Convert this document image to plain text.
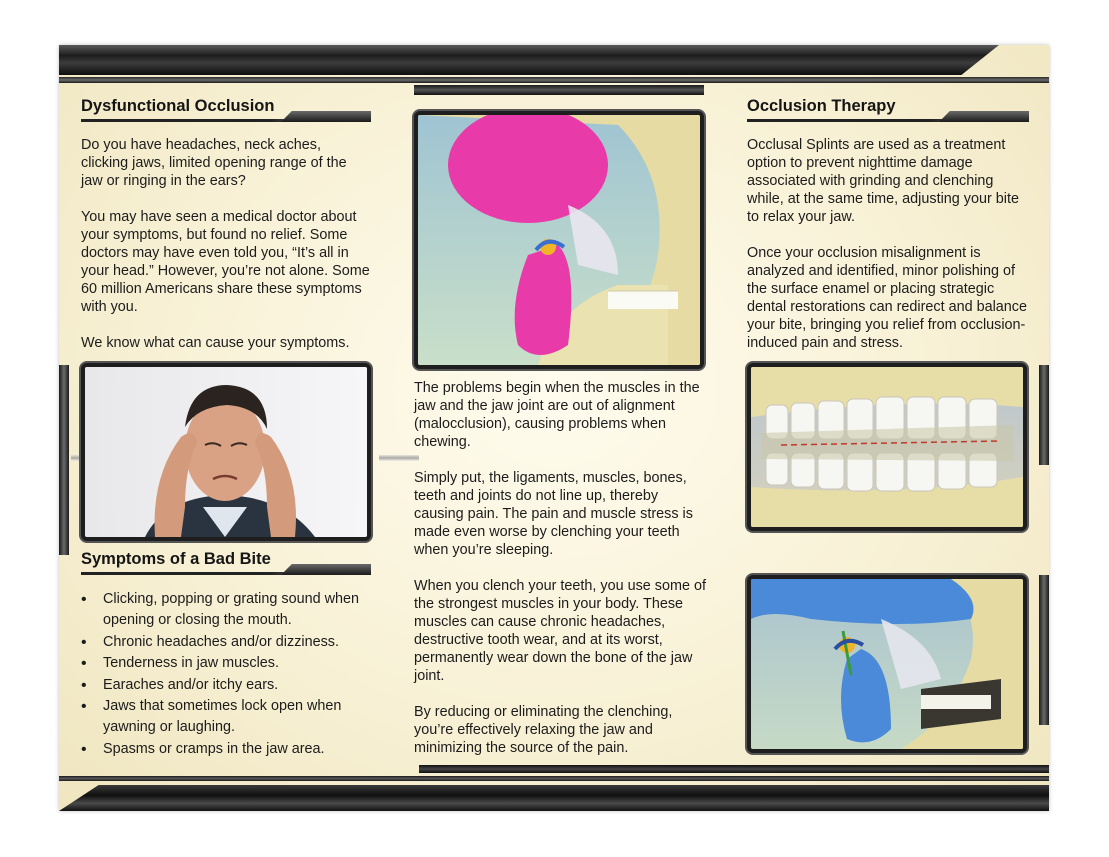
Dysfunctional Occlusion

Do you have headaches, neck aches, clicking jaws, limited opening range of the jaw or ringing in the ears?

You may have seen a medical doctor about your symptoms, but found no relief. Some doctors may have even told you, “It’s all in your head.” However, you’re not alone. Some 60 million Americans share these symptoms with you.

We know what can cause your symptoms.

Symptoms of a Bad Bite
• Clicking, popping or grating sound when opening or closing the mouth.
• Chronic headaches and/or dizziness.
• Tenderness in jaw muscles.
• Earaches and/or itchy ears.
• Jaws that sometimes lock open when yawning or laughing.
• Spasms or cramps in the jaw area.

The problems begin when the muscles in the jaw and the jaw joint are out of alignment (malocclusion), causing problems when chewing.

Simply put, the ligaments, muscles, bones, teeth and joints do not line up, thereby causing pain. The pain and muscle stress is made even worse by clenching your teeth when you’re sleeping.

When you clench your teeth, you use some of the strongest muscles in your body. These muscles can cause chronic headaches, destructive tooth wear, and at its worst, permanently wear down the bone of the jaw joint.

By reducing or eliminating the clenching, you’re effectively relaxing the jaw and minimizing the source of the pain.

Occlusion Therapy

Occlusal Splints are used as a treatment option to prevent nighttime damage associated with grinding and clenching while, at the same time, adjusting your bite to relax your jaw.

Once your occlusion misalignment is analyzed and identified, minor polishing of the surface enamel or placing strategic dental restorations can redirect and balance your bite, bringing you relief from occlusion-induced pain and stress.
